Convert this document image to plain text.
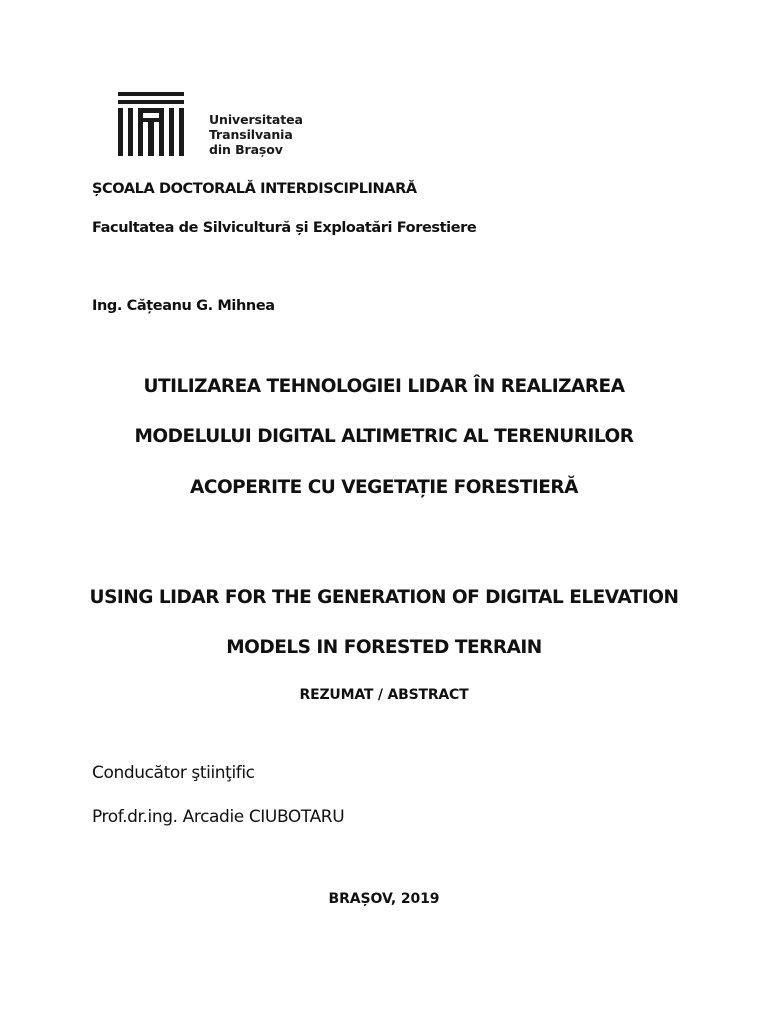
Universitatea
Transilvania
din Brașov
ȘCOALA DOCTORALĂ INTERDISCIPLINARĂ
Facultatea de Silvicultură și Exploatări Forestiere
Ing. Cățeanu G. Mihnea
UTILIZAREA TEHNOLOGIEI LIDAR ÎN REALIZAREA
MODELULUI DIGITAL ALTIMETRIC AL TERENURILOR
ACOPERITE CU VEGETAȚIE FORESTIERĂ
USING LIDAR FOR THE GENERATION OF DIGITAL ELEVATION
MODELS IN FORESTED TERRAIN
REZUMAT / ABSTRACT
Conducător ştiinţific
Prof.dr.ing. Arcadie CIUBOTARU
BRAȘOV, 2019
